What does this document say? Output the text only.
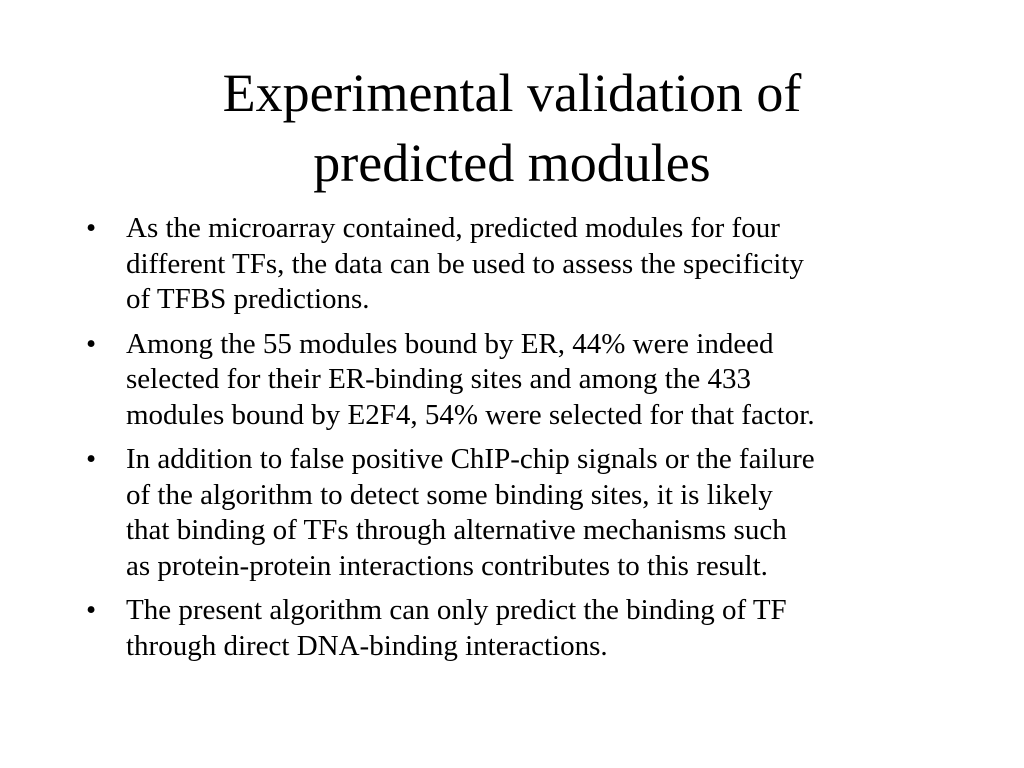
Experimental validation of
predicted modules
• As the microarray contained, predicted modules for four
different TFs, the data can be used to assess the specificity
of TFBS predictions.
• Among the 55 modules bound by ER, 44% were indeed
selected for their ER-binding sites and among the 433
modules bound by E2F4, 54% were selected for that factor.
• In addition to false positive ChIP-chip signals or the failure
of the algorithm to detect some binding sites, it is likely
that binding of TFs through alternative mechanisms such
as protein-protein interactions contributes to this result.
• The present algorithm can only predict the binding of TF
through direct DNA-binding interactions.
